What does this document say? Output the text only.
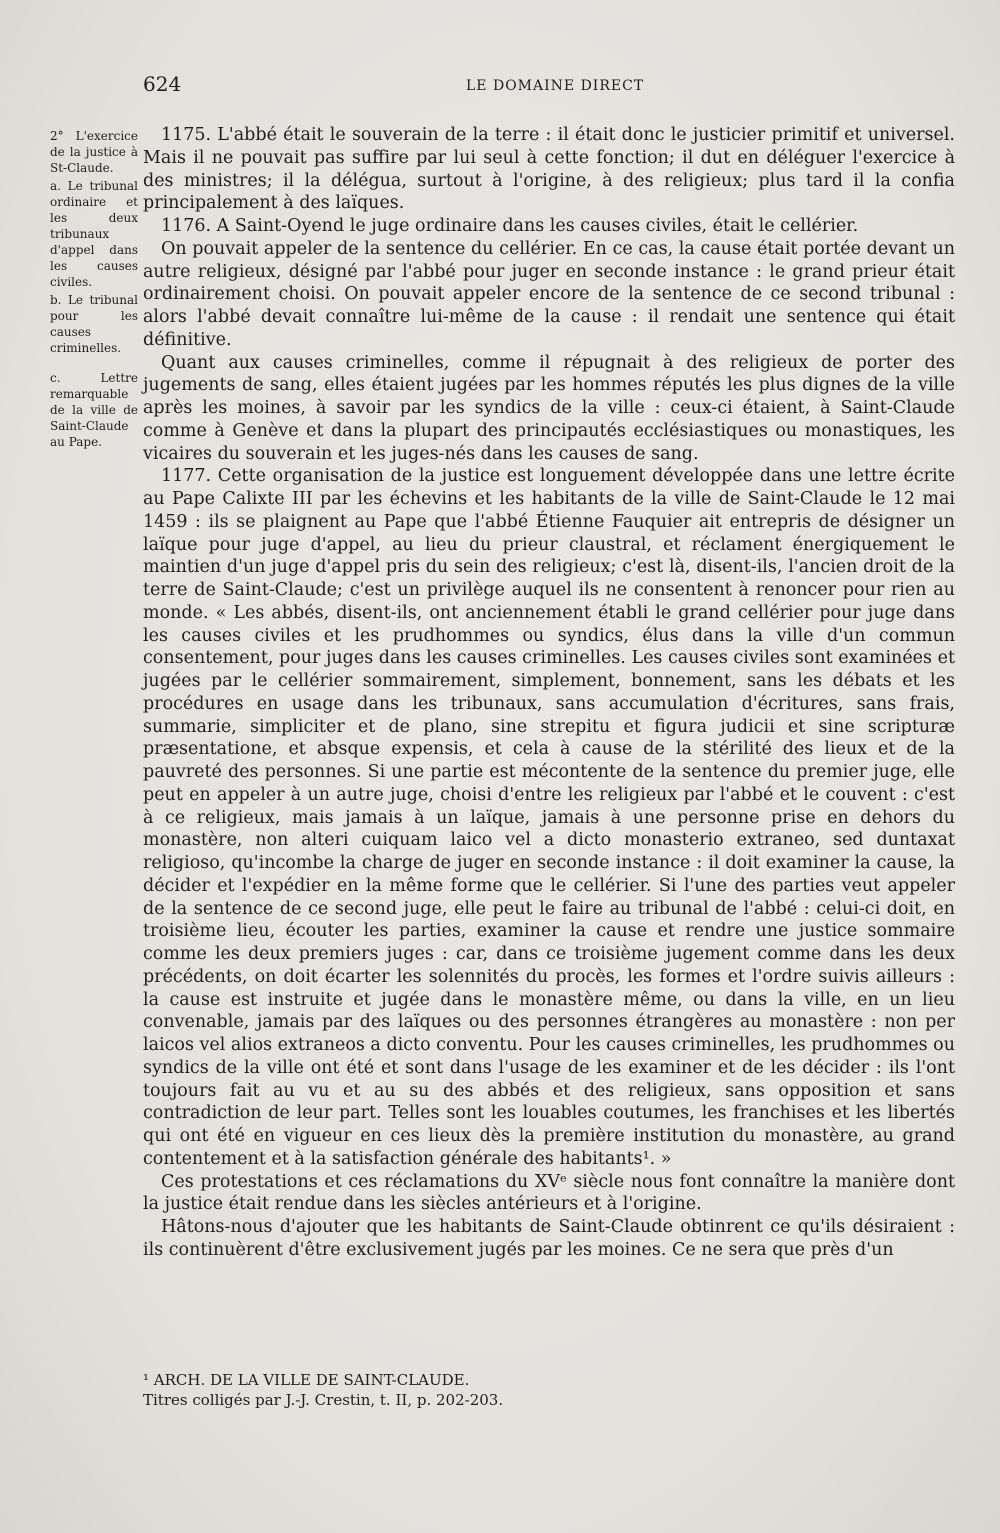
624	LE DOMAINE DIRECT

2° L'exercice de la justice à St-Claude.

a. Le tribunal ordinaire et les deux tribunaux d'appel dans les causes civiles.

b. Le tribunal pour les causes criminelles.

c. Lettre remarquable de la ville de Saint-Claude au Pape.

1175. L'abbé était le souverain de la terre : il était donc le justicier primitif et universel. Mais il ne pouvait pas suffire par lui seul à cette fonction; il dut en déléguer l'exercice à des ministres; il la délégua, surtout à l'origine, à des religieux; plus tard il la confia principalement à des laïques.

1176. A Saint-Oyend le juge ordinaire dans les causes civiles, était le cellérier.

On pouvait appeler de la sentence du cellérier. En ce cas, la cause était portée devant un autre religieux, désigné par l'abbé pour juger en seconde instance : le grand prieur était ordinairement choisi. On pouvait appeler encore de la sentence de ce second tribunal : alors l'abbé devait connaître lui-même de la cause : il rendait une sentence qui était définitive.

Quant aux causes criminelles, comme il répugnait à des religieux de porter des jugements de sang, elles étaient jugées par les hommes réputés les plus dignes de la ville après les moines, à savoir par les syndics de la ville : ceux-ci étaient, à Saint-Claude comme à Genève et dans la plupart des principautés ecclésiastiques ou monastiques, les vicaires du souverain et les juges-nés dans les causes de sang.

1177. Cette organisation de la justice est longuement développée dans une lettre écrite au Pape Calixte III par les échevins et les habitants de la ville de Saint-Claude le 12 mai 1459 : ils se plaignent au Pape que l'abbé Étienne Fauquier ait entrepris de désigner un laïque pour juge d'appel, au lieu du prieur claustral, et réclament énergiquement le maintien d'un juge d'appel pris du sein des religieux; c'est là, disent-ils, l'ancien droit de la terre de Saint-Claude; c'est un privilège auquel ils ne consentent à renoncer pour rien au monde. « Les abbés, disent-ils, ont anciennement établi le grand cellérier pour juge dans les causes civiles et les prudhommes ou syndics, élus dans la ville d'un commun consentement, pour juges dans les causes criminelles. Les causes civiles sont examinées et jugées par le cellérier sommairement, simplement, bonnement, sans les débats et les procédures en usage dans les tribunaux, sans accumulation d'écritures, sans frais, summarie, simpliciter et de plano, sine strepitu et figura judicii et sine scripturæ præsentatione, et absque expensis, et cela à cause de la stérilité des lieux et de la pauvreté des personnes. Si une partie est mécontente de la sentence du premier juge, elle peut en appeler à un autre juge, choisi d'entre les religieux par l'abbé et le couvent : c'est à ce religieux, mais jamais à un laïque, jamais à une personne prise en dehors du monastère, non alteri cuiquam laico vel a dicto monasterio extraneo, sed duntaxat religioso, qu'incombe la charge de juger en seconde instance : il doit examiner la cause, la décider et l'expédier en la même forme que le cellérier. Si l'une des parties veut appeler de la sentence de ce second juge, elle peut le faire au tribunal de l'abbé : celui-ci doit, en troisième lieu, écouter les parties, examiner la cause et rendre une justice sommaire comme les deux premiers juges : car, dans ce troisième jugement comme dans les deux précédents, on doit écarter les solennités du procès, les formes et l'ordre suivis ailleurs : la cause est instruite et jugée dans le monastère même, ou dans la ville, en un lieu convenable, jamais par des laïques ou des personnes étrangères au monastère : non per laicos vel alios extraneos a dicto conventu. Pour les causes criminelles, les prudhommes ou syndics de la ville ont été et sont dans l'usage de les examiner et de les décider : ils l'ont toujours fait au vu et au su des abbés et des religieux, sans opposition et sans contradiction de leur part. Telles sont les louables coutumes, les franchises et les libertés qui ont été en vigueur en ces lieux dès la première institution du monastère, au grand contentement et à la satisfaction générale des habitants¹. »

Ces protestations et ces réclamations du XVᵉ siècle nous font connaître la manière dont la justice était rendue dans les siècles antérieurs et à l'origine.

Hâtons-nous d'ajouter que les habitants de Saint-Claude obtinrent ce qu'ils désiraient : ils continuèrent d'être exclusivement jugés par les moines. Ce ne sera que près d'un

¹ ARCH. DE LA VILLE DE SAINT-CLAUDE.

Titres colligés par J.-J. Crestin, t. II, p. 202-203.
